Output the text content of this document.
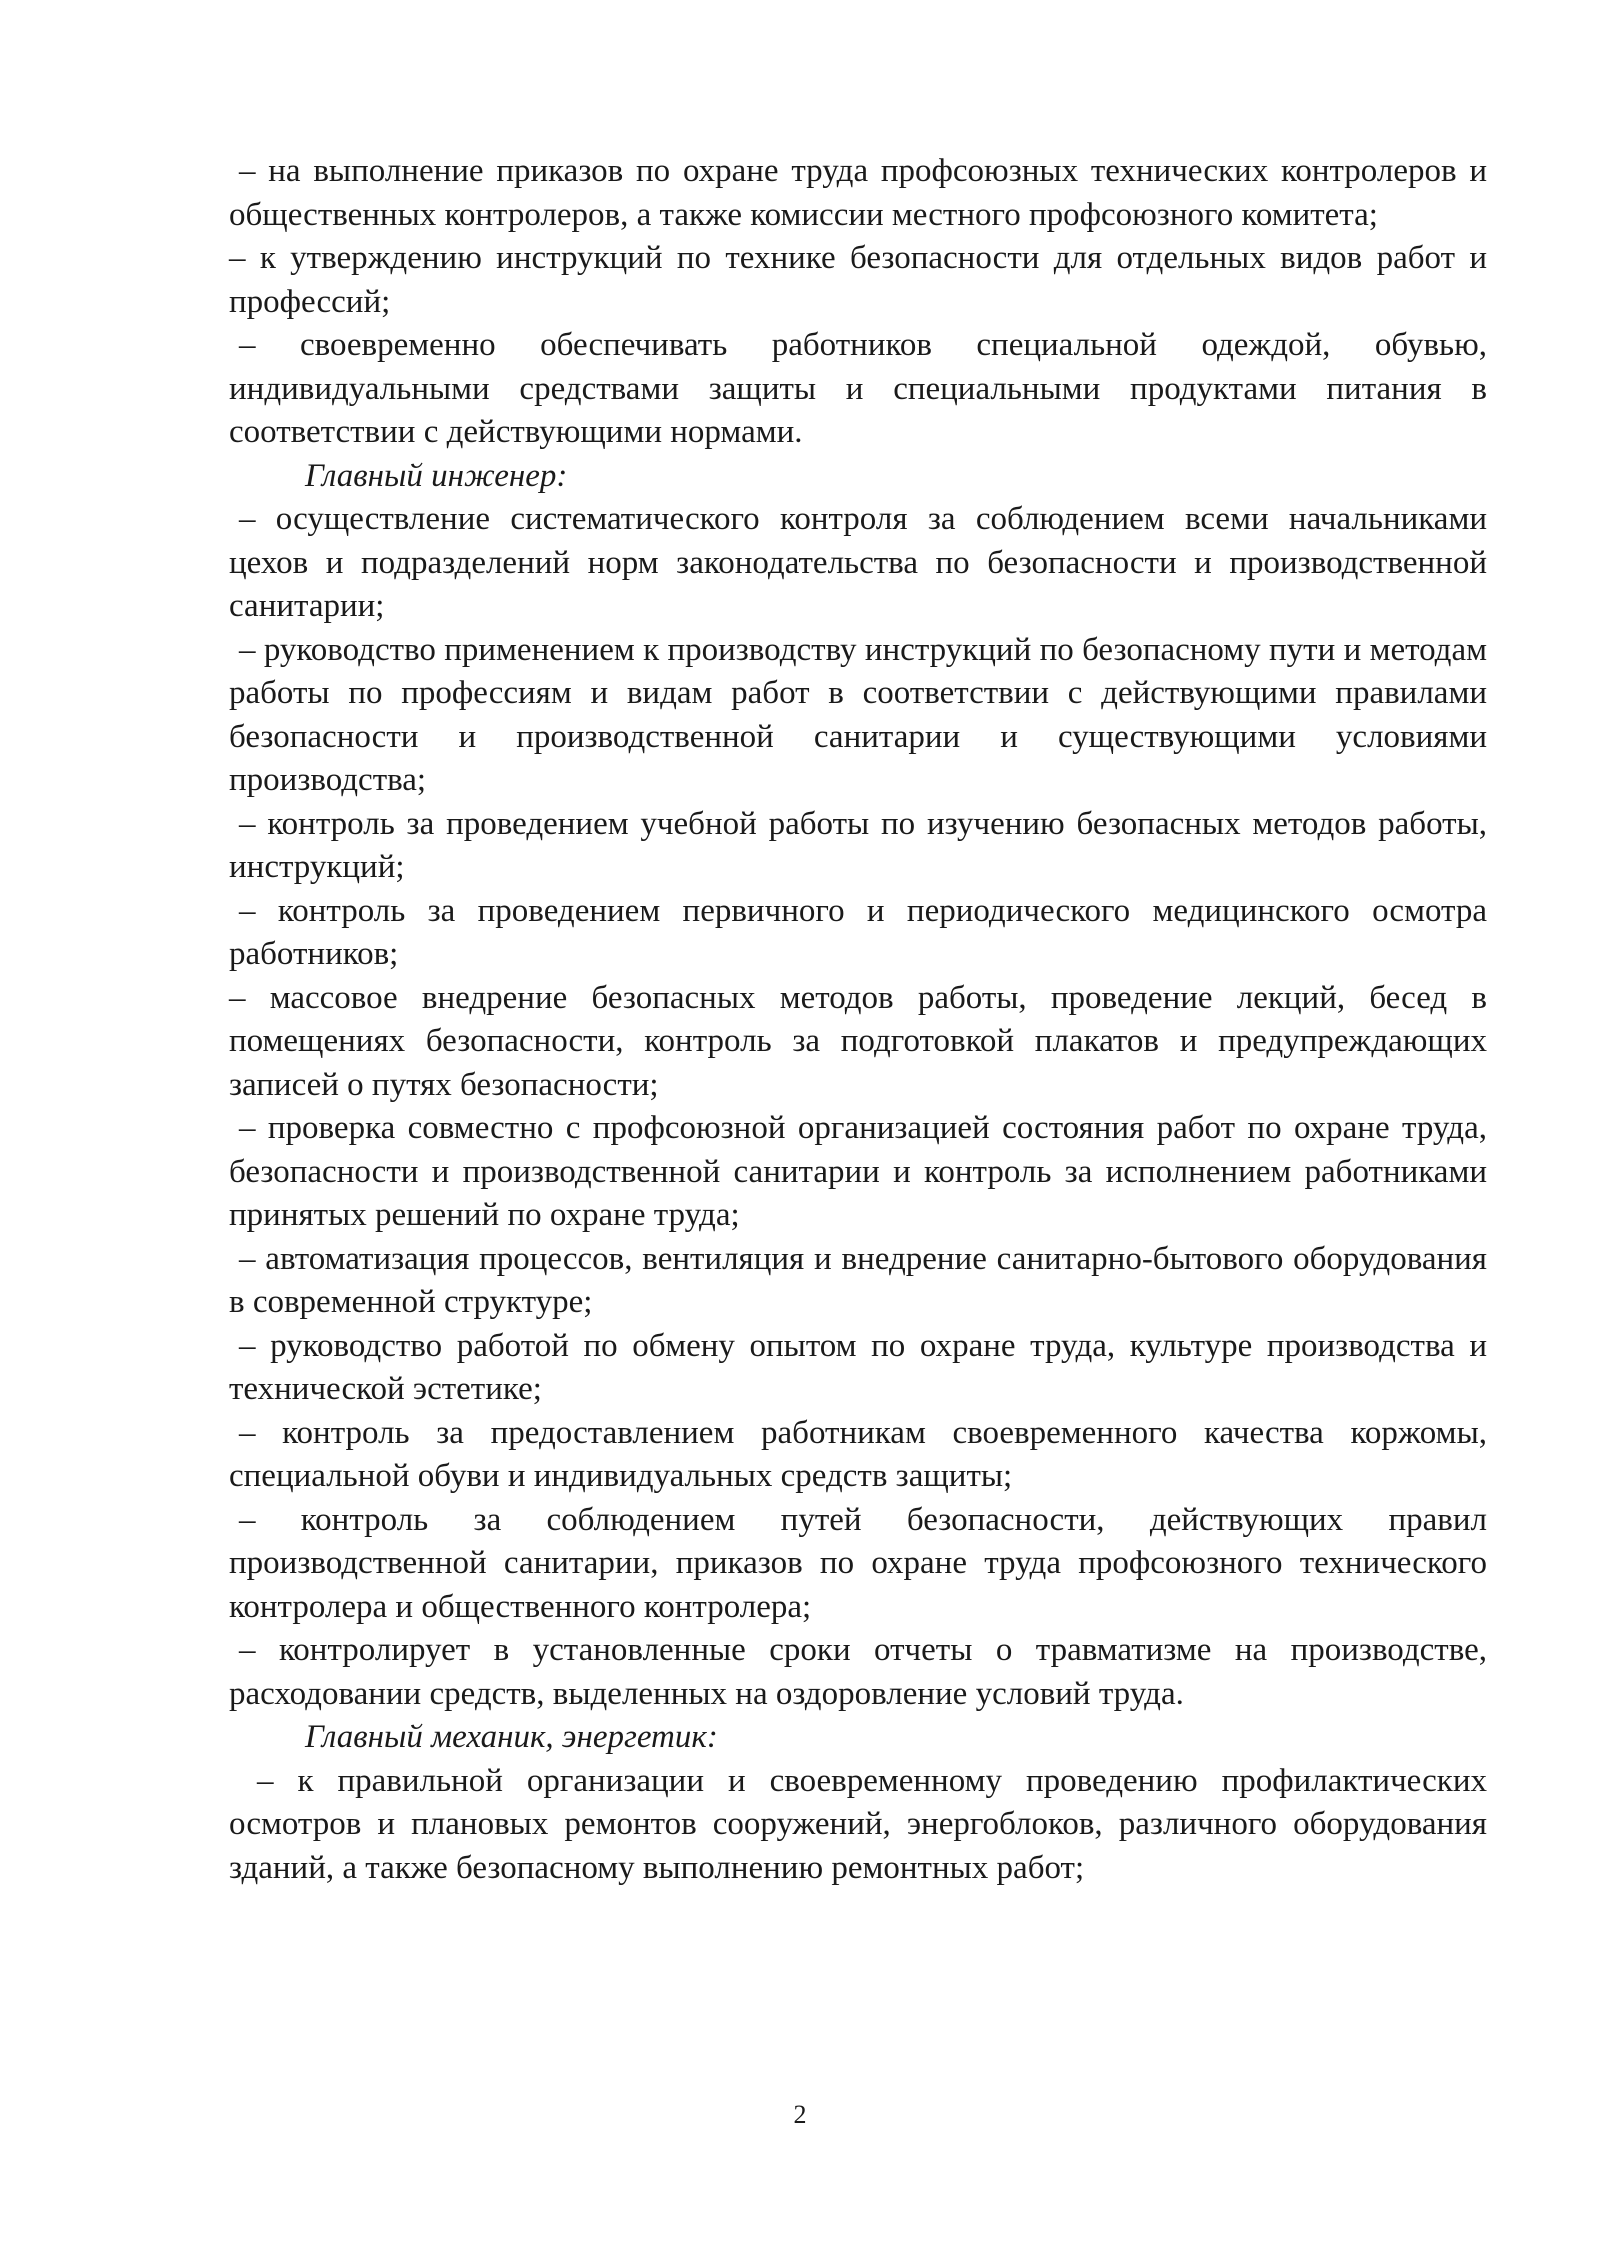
– на выполнение приказов по охране труда профсоюзных технических контролеров и общественных контролеров, а также комиссии местного профсоюзного комитета;

– к утверждению инструкций по технике безопасности для отдельных видов работ и профессий;

– своевременно обеспечивать работников специальной одеждой, обувью, индивидуальными средствами защиты и специальными продуктами питания в соответствии с действующими нормами.

Главный инженер:

– осуществление систематического контроля за соблюдением всеми начальниками цехов и подразделений норм законодательства по безопасности и производственной санитарии;

– руководство применением к производству инструкций по безопасному пути и методам работы по профессиям и видам работ в соответствии с действующими правилами безопасности и производственной санитарии и существующими условиями производства;

– контроль за проведением учебной работы по изучению безопасных методов работы, инструкций;

– контроль за проведением первичного и периодического медицинского осмотра работников;

– массовое внедрение безопасных методов работы, проведение лекций, бесед в помещениях безопасности, контроль за подготовкой плакатов и предупреждающих записей о путях безопасности;

– проверка совместно с профсоюзной организацией состояния работ по охране труда, безопасности и производственной санитарии и контроль за исполнением работниками принятых решений по охране труда;

– автоматизация процессов, вентиляция и внедрение санитарно-бытового оборудования в современной структуре;

– руководство работой по обмену опытом по охране труда, культуре производства и технической эстетике;

– контроль за предоставлением работникам своевременного качества коржомы, специальной обуви и индивидуальных средств защиты;

– контроль за соблюдением путей безопасности, действующих правил производственной санитарии, приказов по охране труда профсоюзного технического контролера и общественного контролера;

– контролирует в установленные сроки отчеты о травматизме на производстве, расходовании средств, выделенных на оздоровление условий труда.

Главный механик, энергетик:

– к правильной организации и своевременному проведению профилактических осмотров и плановых ремонтов сооружений, энергоблоков, различного оборудования зданий, а также безопасному выполнению ремонтных работ;

2
